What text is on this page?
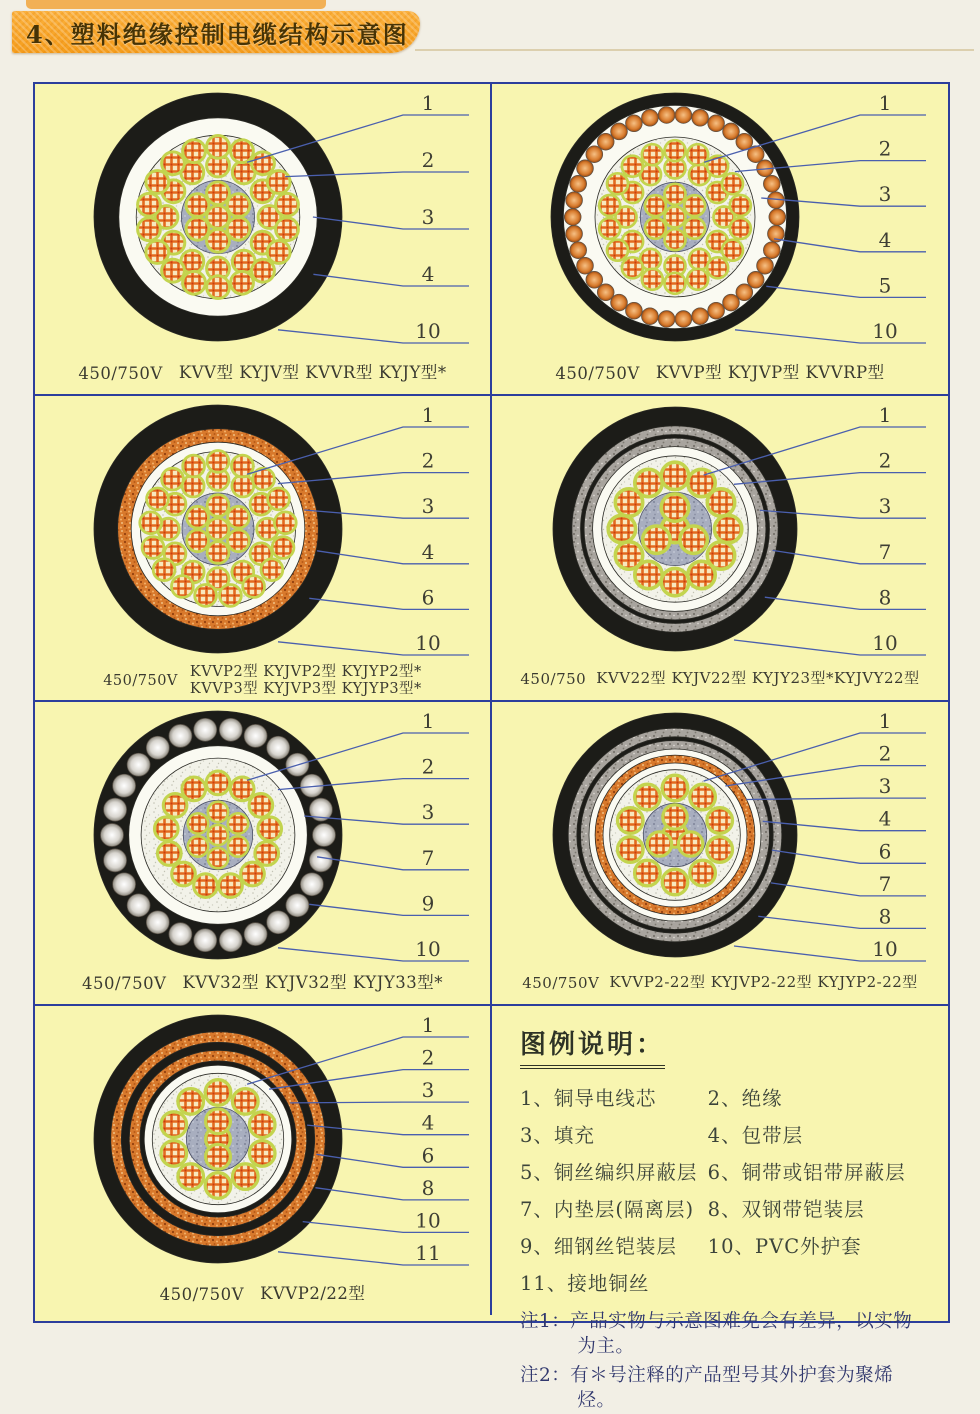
4、塑料绝缘控制电缆结构示意图
1
2
3
4
10
450/750V KVV型 KYJV型 KVVR型 KYJY型*
1
2
3
4
5
10
450/750V KVVP型 KYJVP型 KVVRP型
1
2
3
4
6
10
450/750V
KVVP2型 KYJVP2型 KYJYP2型*
KVVP3型 KYJVP3型 KYJYP3型*
1
2
3
7
8
10
450/750 KVV22型 KYJV22型 KYJY23型*KYJVY22型
1
2
3
7
9
10
450/750V KVV32型 KYJV32型 KYJY33型*
1
2
3
4
6
7
8
10
450/750V KVVP2-22型 KYJVP2-22型 KYJYP2-22型
1
2
3
4
6
8
10
11
450/750V KVVP2/22型
图例说明：
1、铜导电线芯	2、绝缘
3、填充	4、包带层
5、铜丝编织屏蔽层 6、铜带或铝带屏蔽层
7、内垫层(隔离层) 8、双钢带铠装层
9、细钢丝铠装层	10、PVC外护套
11、接地铜丝
注1：产品实物与示意图难免会有差异，以实物为主。
注2：有＊号注释的产品型号其外护套为聚烯烃。
